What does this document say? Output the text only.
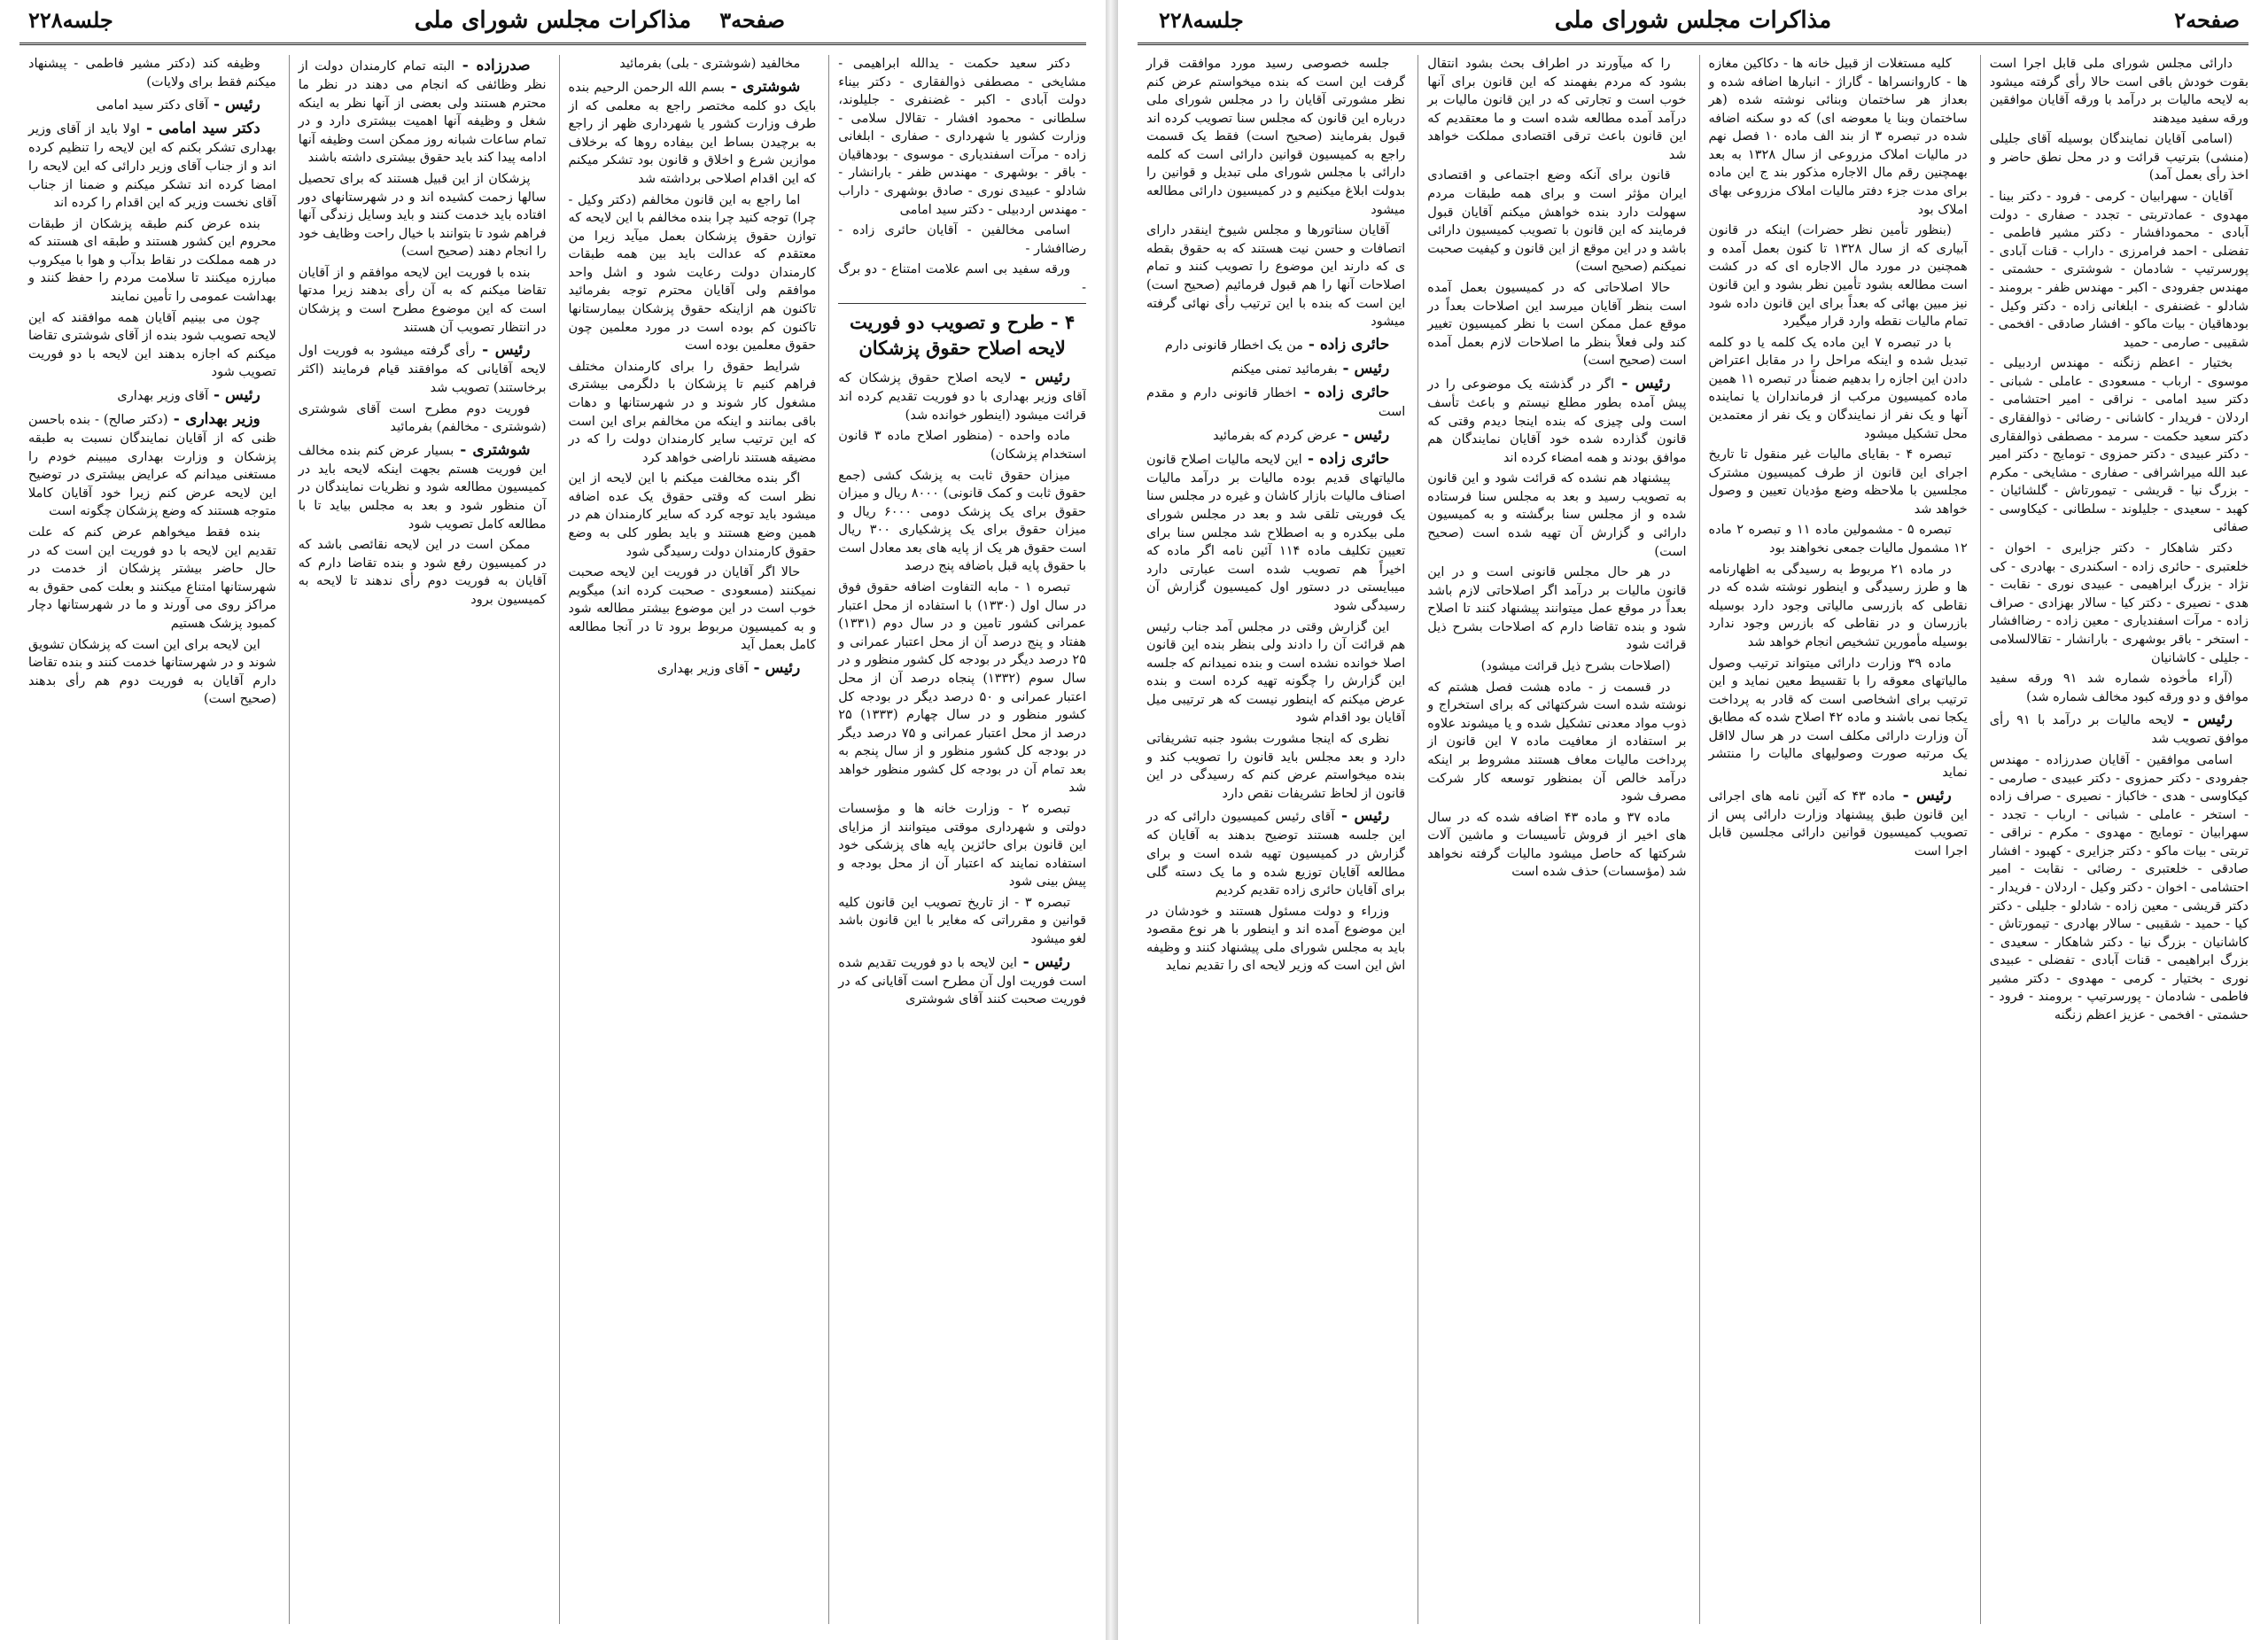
صفحه۳
مذاکرات مجلس شورای ملی
جلسه۲۲۸

دکتر سعید حکمت - یدالله ابراهیمی - مشایخی - مصطفی ذوالفقاری - دکتر بیناء دولت آبادی - اکبر - غضنفری - جلیلوند، سلطانی - محمود افشار - تقالال سلامی - وزارت کشور یا شهرداری - صفاری - ابلغانی زاده - مرآت اسفندیاری - موسوی - بودهاقیان - باقر - بوشهری - مهندس ظفر - بارانشار - شادلو - عبیدی نوری - صادق بوشهری - داراب - مهندس اردبیلی - دکتر سید امامی

اسامی مخالفین - آقایان حائری زاده - رضاافشار -

ورقه سفید بی اسم علامت امتناع - دو برگ -

۴ - طرح و تصویب دو فوریت لایحه اصلاح حقوق پزشکان

رئیس - لایحه اصلاح حقوق پزشکان که آقای وزیر بهداری با دو فوریت تقدیم کرده اند قرائت میشود (اینطور خوانده شد)

ماده واحده - (منظور اصلاح ماده ۳ قانون استخدام پزشکان)

میزان حقوق ثابت به پزشک کشی (جمع حقوق ثابت و کمک قانونی) ۸۰۰۰ ریال و میزان حقوق برای یک پزشک دومی ۶۰۰۰ ریال و میزان حقوق برای یک پزشکیاری ۳۰۰ ریال است حقوق هر یک از پایه های بعد معادل است با حقوق پایه قبل باضافه پنج درصد

تبصره ۱ - مابه التفاوت اضافه حقوق فوق در سال اول (۱۳۳۰) با استفاده از محل اعتبار عمرانی کشور تامین و در سال دوم (۱۳۳۱) هفتاد و پنج درصد آن از محل اعتبار عمرانی و ۲۵ درصد دیگر در بودجه کل کشور منظور و در سال سوم (۱۳۳۲) پنجاه درصد آن از محل اعتبار عمرانی و ۵۰ درصد دیگر در بودجه کل کشور منظور و در سال چهارم (۱۳۳۳) ۲۵ درصد از محل اعتبار عمرانی و ۷۵ درصد دیگر در بودجه کل کشور منظور و از سال پنجم به بعد تمام آن در بودجه کل کشور منظور خواهد شد

تبصره ۲ - وزارت خانه ها و مؤسسات دولتی و شهرداری موقتی میتوانند از مزایای این قانون برای حائزین پایه های پزشکی خود استفاده نمایند که اعتبار آن از محل بودجه و پیش بینی شود

تبصره ۳ - از تاریخ تصویب این قانون کلیه قوانین و مقرراتی که مغایر با این قانون باشد لغو میشود

رئیس - این لایحه با دو فوریت تقدیم شده است فوریت اول آن مطرح است آقایانی که در فوریت صحبت کنند آقای شوشتری

مخالفید (شوشتری - بلی) بفرمائید

شوشتری - بسم الله الرحمن الرحیم بنده بایک دو کلمه مختصر راجع به معلمی که از طرف وزارت کشور یا شهرداری ظهر از راجع به برچیدن بساط این بیفاده روها که برخلاف موازین شرع و اخلاق و قانون بود تشکر میکنم که این اقدام اصلاحی برداشته شد

اما راجع به این قانون مخالفم (دکتر وکیل - چرا) توجه کنید چرا بنده مخالفم با این لایحه که توازن حقوق پزشکان بعمل میآید زیرا من معتقدم که عدالت باید بین همه طبقات کارمندان دولت رعایت شود و اشل واحد موافقم ولی آقایان محترم توجه بفرمائید تاکنون هم ازاینکه حقوق پزشکان بیمارستانها تاکنون کم بوده است در مورد معلمین چون حقوق معلمین بوده است

شرایط حقوق را برای کارمندان مختلف فراهم کنیم تا پزشکان با دلگرمی بیشتری مشغول کار شوند و در شهرستانها و دهات باقی بمانند و اینکه من مخالفم برای این است که این ترتیب سایر کارمندان دولت را که در مضیقه هستند ناراضی خواهد کرد

اگر بنده مخالفت میکنم با این لایحه از این نظر است که وقتی حقوق یک عده اضافه میشود باید توجه کرد که سایر کارمندان هم در همین وضع هستند و باید بطور کلی به وضع حقوق کارمندان دولت رسیدگی شود

حالا اگر آقایان در فوریت این لایحه صحبت نمیکنند (مسعودی - صحبت کرده اند) میگویم خوب است در این موضوع بیشتر مطالعه شود و به کمیسیون مربوط برود تا در آنجا مطالعه کامل بعمل آید

رئیس - آقای وزیر بهداری

صدرزاده - البته تمام کارمندان دولت از نظر وظائفی که انجام می دهند در نظر ما محترم هستند ولی بعضی از آنها نظر به اینکه شغل و وظیفه آنها اهمیت بیشتری دارد و در تمام ساعات شبانه روز ممکن است وظیفه آنها ادامه پیدا کند باید حقوق بیشتری داشته باشند

پزشکان از این قبیل هستند که برای تحصیل سالها زحمت کشیده اند و در شهرستانهای دور افتاده باید خدمت کنند و باید وسایل زندگی آنها فراهم شود تا بتوانند با خیال راحت وظایف خود را انجام دهند (صحیح است)

بنده با فوریت این لایحه موافقم و از آقایان تقاضا میکنم که به آن رأی بدهند زیرا مدتها است که این موضوع مطرح است و پزشکان در انتظار تصویب آن هستند

رئیس - رأی گرفته میشود به فوریت اول لایحه آقایانی که موافقند قیام فرمایند (اکثر برخاستند) تصویب شد

فوریت دوم مطرح است آقای شوشتری (شوشتری - مخالفم) بفرمائید

شوشتری - بسیار عرض کنم بنده مخالف این فوریت هستم بجهت اینکه لایحه باید در کمیسیون مطالعه شود و نظریات نمایندگان در آن منظور شود و بعد به مجلس بیاید تا با مطالعه کامل تصویب شود

ممکن است در این لایحه نقائصی باشد که در کمیسیون رفع شود و بنده تقاضا دارم که آقایان به فوریت دوم رأی ندهند تا لایحه به کمیسیون برود

وظیفه کند (دکتر مشیر فاطمی - پیشنهاد میکنم فقط برای ولایات)

رئیس - آقای دکتر سید امامی

دکتر سید امامی - اولا باید از آقای وزیر بهداری تشکر بکنم که این لایحه را تنظیم کرده اند و از جناب آقای وزیر دارائی که این لایحه را امضا کرده اند تشکر میکنم و ضمنا از جناب آقای نخست وزیر که این اقدام را کرده اند

بنده عرض کنم طبقه پزشکان از طبقات محروم این کشور هستند و طبقه ای هستند که در همه مملکت در نقاط بدآب و هوا با میکروب مبارزه میکنند تا سلامت مردم را حفظ کنند و بهداشت عمومی را تأمین نمایند

چون می بینیم آقایان همه موافقند که این لایحه تصویب شود بنده از آقای شوشتری تقاضا میکنم که اجازه بدهند این لایحه با دو فوریت تصویب شود

رئیس - آقای وزیر بهداری

وزیر بهداری - (دکتر صالح) - بنده باحسن ظنی که از آقایان نمایندگان نسبت به طبقه پزشکان و وزارت بهداری میبینم خودم را مستغنی میدانم که عرایض بیشتری در توضیح این لایحه عرض کنم زیرا خود آقایان کاملا متوجه هستند که وضع پزشکان چگونه است

بنده فقط میخواهم عرض کنم که علت تقدیم این لایحه با دو فوریت این است که در حال حاضر بیشتر پزشکان از خدمت در شهرستانها امتناع میکنند و بعلت کمی حقوق به مراکز روی می آورند و ما در شهرستانها دچار کمبود پزشک هستیم

این لایحه برای این است که پزشکان تشویق شوند و در شهرستانها خدمت کنند و بنده تقاضا دارم آقایان به فوریت دوم هم رأی بدهند (صحیح است)

صفحه۲
مذاکرات مجلس شورای ملی
جلسه۲۲۸

دارائی مجلس شورای ملی قابل اجرا است بقوت خودش باقی است حالا رأی گرفته میشود به لایحه مالیات بر درآمد با ورقه آقایان موافقین ورقه سفید میدهند

(اسامی آقایان نمایندگان بوسیله آقای جلیلی (منشی) بترتیب قرائت و در محل نطق حاضر و اخذ رأی بعمل آمد)

آقایان - سهرابیان - کرمی - فرود - دکتر بینا - مهدوی - عمادتربتی - تجدد - صفاری - دولت آبادی - محمودافشار - دکتر مشیر فاطمی - تفضلی - احمد فرامرزی - داراب - قنات آبادی - پورسرتیپ - شادمان - شوشتری - حشمتی - مهندس جفرودی - اکبر - مهندس ظفر - برومند - شادلو - غضنفری - ابلغانی زاده - دکتر وکیل - بودهاقیان - بیات ماکو - افشار صادقی - افخمی - شقیبی - صارمی - حمید

بختیار - اعظم زنگنه - مهندس اردبیلی - موسوی - ارباب - مسعودی - عاملی - شبانی - دکتر سید امامی - نراقی - امیر احتشامی - اردلان - فریدار - کاشانی - رضائی - ذوالفقاری - دکتر سعید حکمت - سرمد - مصطفی ذوالفقاری - دکتر عبیدی - دکتر حمزوی - تومایج - دکتر امیر عبد الله میراشرافی - صفاری - مشایخی - مکرم - بزرگ نیا - قریشی - تیمورتاش - گلشائیان - کهبد - سعیدی - جلیلوند - سلطانی - کیکاوسی - صفائی

دکتر شاهکار - دکتر جزایری - اخوان - خلعتبری - حائری زاده - اسکندری - بهادری - کی نژاد - بزرگ ابراهیمی - عبیدی نوری - نقابت - هدی - نصیری - دکتر کیا - سالار بهزادی - صراف زاده - مرآت اسفندیاری - معین زاده - رضاافشار - استخر - باقر بوشهری - بارانشار - تقالالسلامی - جلیلی - کاشانیان

(آراء مأخوذه شماره شد ۹۱ ورقه سفید موافق و دو ورقه کبود مخالف شماره شد)

رئیس - لایحه مالیات بر درآمد با ۹۱ رأی موافق تصویب شد

اسامی موافقین - آقایان صدرزاده - مهندس جفرودی - دکتر حمزوی - دکتر عبیدی - صارمی - کیکاوسی - هدی - خاکباز - نصیری - صراف زاده - استخر - عاملی - شبانی - ارباب - تجدد - سهرابیان - تومایج - مهدوی - مکرم - نراقی - تربتی - بیات ماکو - دکتر جزایری - کهبود - افشار صادقی - خلعتبری - رضائی - نقابت - امیر احتشامی - اخوان - دکتر وکیل - اردلان - فریدار - دکتر قریشی - معین زاده - شادلو - جلیلی - دکتر کیا - حمید - شقیبی - سالار بهادری - تیمورتاش - کاشانیان - بزرگ نیا - دکتر شاهکار - سعیدی - بزرگ ابراهیمی - قنات آبادی - تفضلی - عبیدی نوری - بختیار - کرمی - مهدوی - دکتر مشیر فاطمی - شادمان - پورسرتیپ - برومند - فرود - حشمتی - افخمی - عزیز اعظم زنگنه

کلیه مستغلات از قبیل خانه ها - دکاکین مغازه ها - کاروانسراها - گاراژ - انبارها اضافه شده و بعداز هر ساختمان وبنائی نوشته شده (هر ساختمان وبنا یا معوضه ای) که دو سکنه اضافه شده در تبصره ۳ از بند الف ماده ۱۰ فصل نهم در مالیات املاک مزروعی از سال ۱۳۲۸ به بعد بهمچنین رقم مال الاجاره مذکور بند ج این ماده برای مدت جزء دفتر مالیات املاک مزروعی بهای املاک بود

(بنظور تأمین نظر حضرات) اینکه در قانون آبیاری که از سال ۱۳۲۸ تا کنون بعمل آمده و همچنین در مورد مال الاجاره ای که در کشت است مطالعه بشود تأمین نظر بشود و این قانون نیز مبین بهائی که بعداً برای این قانون داده شود تمام مالیات نقطه وارد قرار میگیرد

با در تبصره ۷ این ماده یک کلمه یا دو کلمه تبدیل شده و اینکه مراحل را در مقابل اعتراض دادن این اجازه را بدهیم ضمناً در تبصره ۱۱ همین ماده کمیسیون مرکب از فرمانداران یا نماینده آنها و یک نفر از نمایندگان و یک نفر از معتمدین محل تشکیل میشود

تبصره ۴ - بقایای مالیات غیر منقول تا تاریخ اجرای این قانون از طرف کمیسیون مشترک مجلسین با ملاحظه وضع مؤدیان تعیین و وصول خواهد شد

تبصره ۵ - مشمولین ماده ۱۱ و تبصره ۲ ماده ۱۲ مشمول مالیات جمعی نخواهند بود

در ماده ۲۱ مربوط به رسیدگی به اظهارنامه ها و طرز رسیدگی و اینطور نوشته شده که در نقاطی که بازرسی مالیاتی وجود دارد بوسیله بازرسان و در نقاطی که بازرس وجود ندارد بوسیله مأمورین تشخیص انجام خواهد شد

ماده ۳۹ وزارت دارائی میتواند ترتیب وصول مالیاتهای معوقه را با تقسیط معین نماید و این ترتیب برای اشخاصی است که قادر به پرداخت یکجا نمی باشند و ماده ۴۲ اصلاح شده که مطابق آن وزارت دارائی مکلف است در هر سال لااقل یک مرتبه صورت وصولیهای مالیات را منتشر نماید

رئیس - ماده ۴۳ که آئین نامه های اجرائی این قانون طبق پیشنهاد وزارت دارائی پس از تصویب کمیسیون قوانین دارائی مجلسین قابل اجرا است

را که میآورند در اطراف بحث بشود انتقال بشود که مردم بفهمند که این قانون برای آنها خوب است و تجارتی که در این قانون مالیات بر درآمد آمده مطالعه شده است و ما معتقدیم که این قانون باعث ترقی اقتصادی مملکت خواهد شد

قانون برای آنکه وضع اجتماعی و اقتصادی ایران مؤثر است و برای همه طبقات مردم سهولت دارد بنده خواهش میکنم آقایان قبول فرمایند که این قانون با تصویب کمیسیون دارائی باشد و در این موقع از این قانون و کیفیت صحبت نمیکنم (صحیح است)

حالا اصلاحاتی که در کمیسیون بعمل آمده است بنظر آقایان میرسد این اصلاحات بعداً در موقع عمل ممکن است با نظر کمیسیون تغییر کند ولی فعلاً بنظر ما اصلاحات لازم بعمل آمده است (صحیح است)

رئیس - اگر در گذشته یک موضوعی را در پیش آمده بطور مطلع نیستم و باعث تأسف است ولی چیزی که بنده اینجا دیدم وقتی که قانون گذارده شده خود آقایان نمایندگان هم موافق بودند و همه امضاء کرده اند

پیشنهاد هم نشده که قرائت شود و این قانون به تصویب رسید و بعد به مجلس سنا فرستاده شده و از مجلس سنا برگشته و به کمیسیون دارائی و گزارش آن تهیه شده است (صحیح است)

در هر حال مجلس قانونی است و در این قانون مالیات بر درآمد اگر اصلاحاتی لازم باشد بعداً در موقع عمل میتوانند پیشنهاد کنند تا اصلاح شود و بنده تقاضا دارم که اصلاحات بشرح ذیل قرائت شود

(اصلاحات بشرح ذیل قرائت میشود)

در قسمت ز - ماده هشت فصل هشتم که نوشته شده است شرکتهائی که برای استخراج و ذوب مواد معدنی تشکیل شده و یا میشوند علاوه بر استفاده از معافیت ماده ۷ این قانون از پرداخت مالیات معاف هستند مشروط بر اینکه درآمد خالص آن بمنظور توسعه کار شرکت مصرف شود

ماده ۳۷ و ماده ۴۳ اضافه شده که در سال های اخیر از فروش تأسیسات و ماشین آلات شرکتها که حاصل میشود مالیات گرفته نخواهد شد (مؤسسات) حذف شده است

جلسه خصوصی رسید مورد موافقت قرار گرفت این است که بنده میخواستم عرض کنم نظر مشورتی آقایان را در مجلس شورای ملی درباره این قانون که مجلس سنا تصویب کرده اند قبول بفرمایند (صحیح است) فقط یک قسمت راجع به کمیسیون قوانین دارائی است که کلمه دارائی با مجلس شورای ملی تبدیل و قوانین را بدولت ابلاغ میکنیم و در کمیسیون دارائی مطالعه میشود

آقایان سناتورها و مجلس شیوخ اینقدر دارای اتصافات و حسن نیت هستند که به حقوق بقطه ی که دارند این موضوع را تصویب کنند و تمام اصلاحات آنها را هم قبول فرمائیم (صحیح است) این است که بنده با این ترتیب رأی نهائی گرفته میشود

حائری زاده - من یک اخطار قانونی دارم

رئیس - بفرمائید تمنی میکنم

حائری زاده - اخطار قانونی دارم و مقدم است

رئیس - عرض کردم که بفرمائید

حائری زاده - این لایحه مالیات اصلاح قانون مالیاتهای قدیم بوده مالیات بر درآمد مالیات اصناف مالیات بازار کاشان و غیره در مجلس سنا یک فوریتی تلقی شد و بعد در مجلس شورای ملی بیکدره و به اصطلاح شد مجلس سنا برای تعیین تکلیف ماده ۱۱۴ آئین نامه اگر ماده که اخیراً هم تصویب شده است عبارتی دارد میبایستی در دستور اول کمیسیون گزارش آن رسیدگی شود

این گزارش وقتی در مجلس آمد جناب رئیس هم قرائت آن را دادند ولی بنظر بنده این قانون اصلا خوانده نشده است و بنده نمیدانم که جلسه این گزارش را چگونه تهیه کرده است و بنده عرض میکنم که اینطور نیست که هر ترتیبی میل آقایان بود اقدام شود

نظری که اینجا مشورت بشود جنبه تشریفاتی دارد و بعد مجلس باید قانون را تصویب کند و بنده میخواستم عرض کنم که رسیدگی در این قانون از لحاظ تشریفات نقص دارد

رئیس - آقای رئیس کمیسیون دارائی که در این جلسه هستند توضیح بدهند به آقایان که گزارش در کمیسیون تهیه شده است و برای مطالعه آقایان توزیع شده و ما یک دسته گلی برای آقایان حائری زاده تقدیم کردیم

وزراء و دولت مسئول هستند و خودشان در این موضوع آمده اند و اینطور با هر نوع مقصود باید به مجلس شورای ملی پیشنهاد کنند و وظیفه اش این است که وزیر لایحه ای را تقدیم نماید
